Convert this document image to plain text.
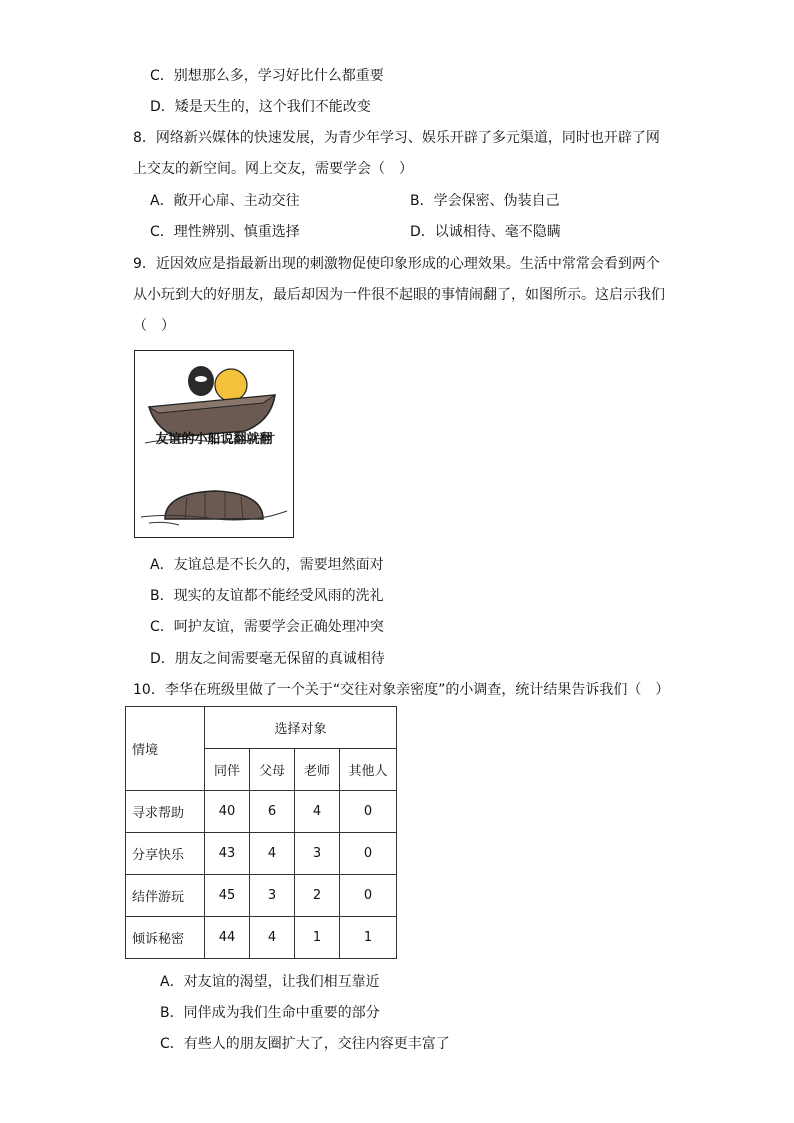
C．别想那么多，学习好比什么都重要
D．矮是天生的，这个我们不能改变
8．网络新兴媒体的快速发展，为青少年学习、娱乐开辟了多元渠道，同时也开辟了网
上交友的新空间。网上交友，需要学会（　）
A．敞开心扉、主动交往	B．学会保密、伪装自己
C．理性辨别、慎重选择	D．以诚相待、毫不隐瞒
9．近因效应是指最新出现的刺激物促使印象形成的心理效果。生活中常常会看到两个
从小玩到大的好朋友，最后却因为一件很不起眼的事情闹翻了，如图所示。这启示我们
（　）
友谊的小船说翻就翻
A．友谊总是不长久的，需要坦然面对
B．现实的友谊都不能经受风雨的洗礼
C．呵护友谊，需要学会正确处理冲突
D．朋友之间需要毫无保留的真诚相待
10．李华在班级里做了一个关于“交往对象亲密度”的小调查，统计结果告诉我们（　）
情境	选择对象			
	同伴	父母	老师	其他人
寻求帮助	40	6	4	0
分享快乐	43	4	3	0
结伴游玩	45	3	2	0
倾诉秘密	44	4	1	1
A．对友谊的渴望，让我们相互靠近
B．同伴成为我们生命中重要的部分
C．有些人的朋友圈扩大了，交往内容更丰富了
